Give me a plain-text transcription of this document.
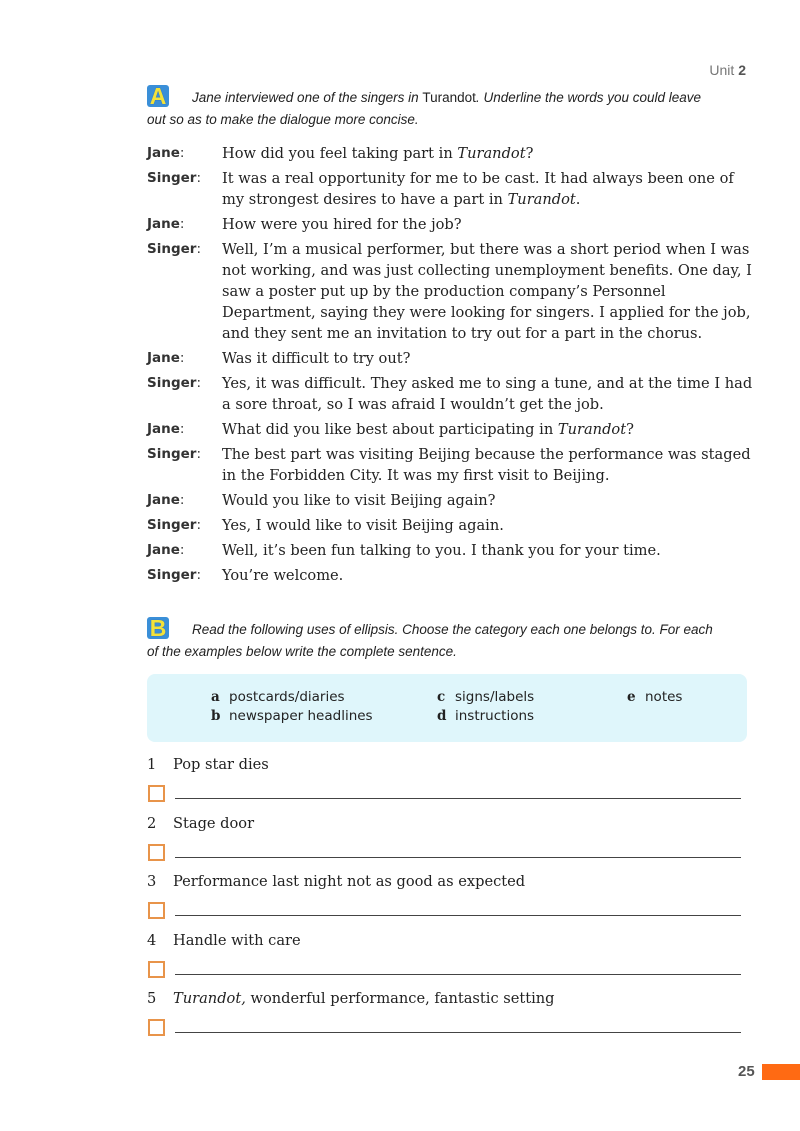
Unit 2
A	Jane interviewed one of the singers in Turandot. Underline the words you could leave
out so as to make the dialogue more concise.
Jane:	How did you feel taking part in Turandot?
Singer:	It was a real opportunity for me to be cast. It had always been one of my strongest desires to have a part in Turandot.
Jane:	How were you hired for the job?
Singer:	Well, I’m a musical performer, but there was a short period when I was not working, and was just collecting unemployment benefits. One day, I saw a poster put up by the production company’s Personnel Department, saying they were looking for singers. I applied for the job, and they sent me an invitation to try out for a part in the chorus.
Jane:	Was it difficult to try out?
Singer:	Yes, it was difficult. They asked me to sing a tune, and at the time I had a sore throat, so I was afraid I wouldn’t get the job.
Jane:	What did you like best about participating in Turandot?
Singer:	The best part was visiting Beijing because the performance was staged in the Forbidden City. It was my first visit to Beijing.
Jane:	Would you like to visit Beijing again?
Singer:	Yes, I would like to visit Beijing again.
Jane:	Well, it’s been fun talking to you. I thank you for your time.
Singer:	You’re welcome.
B	Read the following uses of ellipsis. Choose the category each one belongs to. For each
of the examples below write the complete sentence.
a postcards/diaries
b newspaper headlines
c signs/labels
d instructions
e notes
1 Pop star dies
2 Stage door
3 Performance last night not as good as expected
4 Handle with care
5 Turandot, wonderful performance, fantastic setting
25
